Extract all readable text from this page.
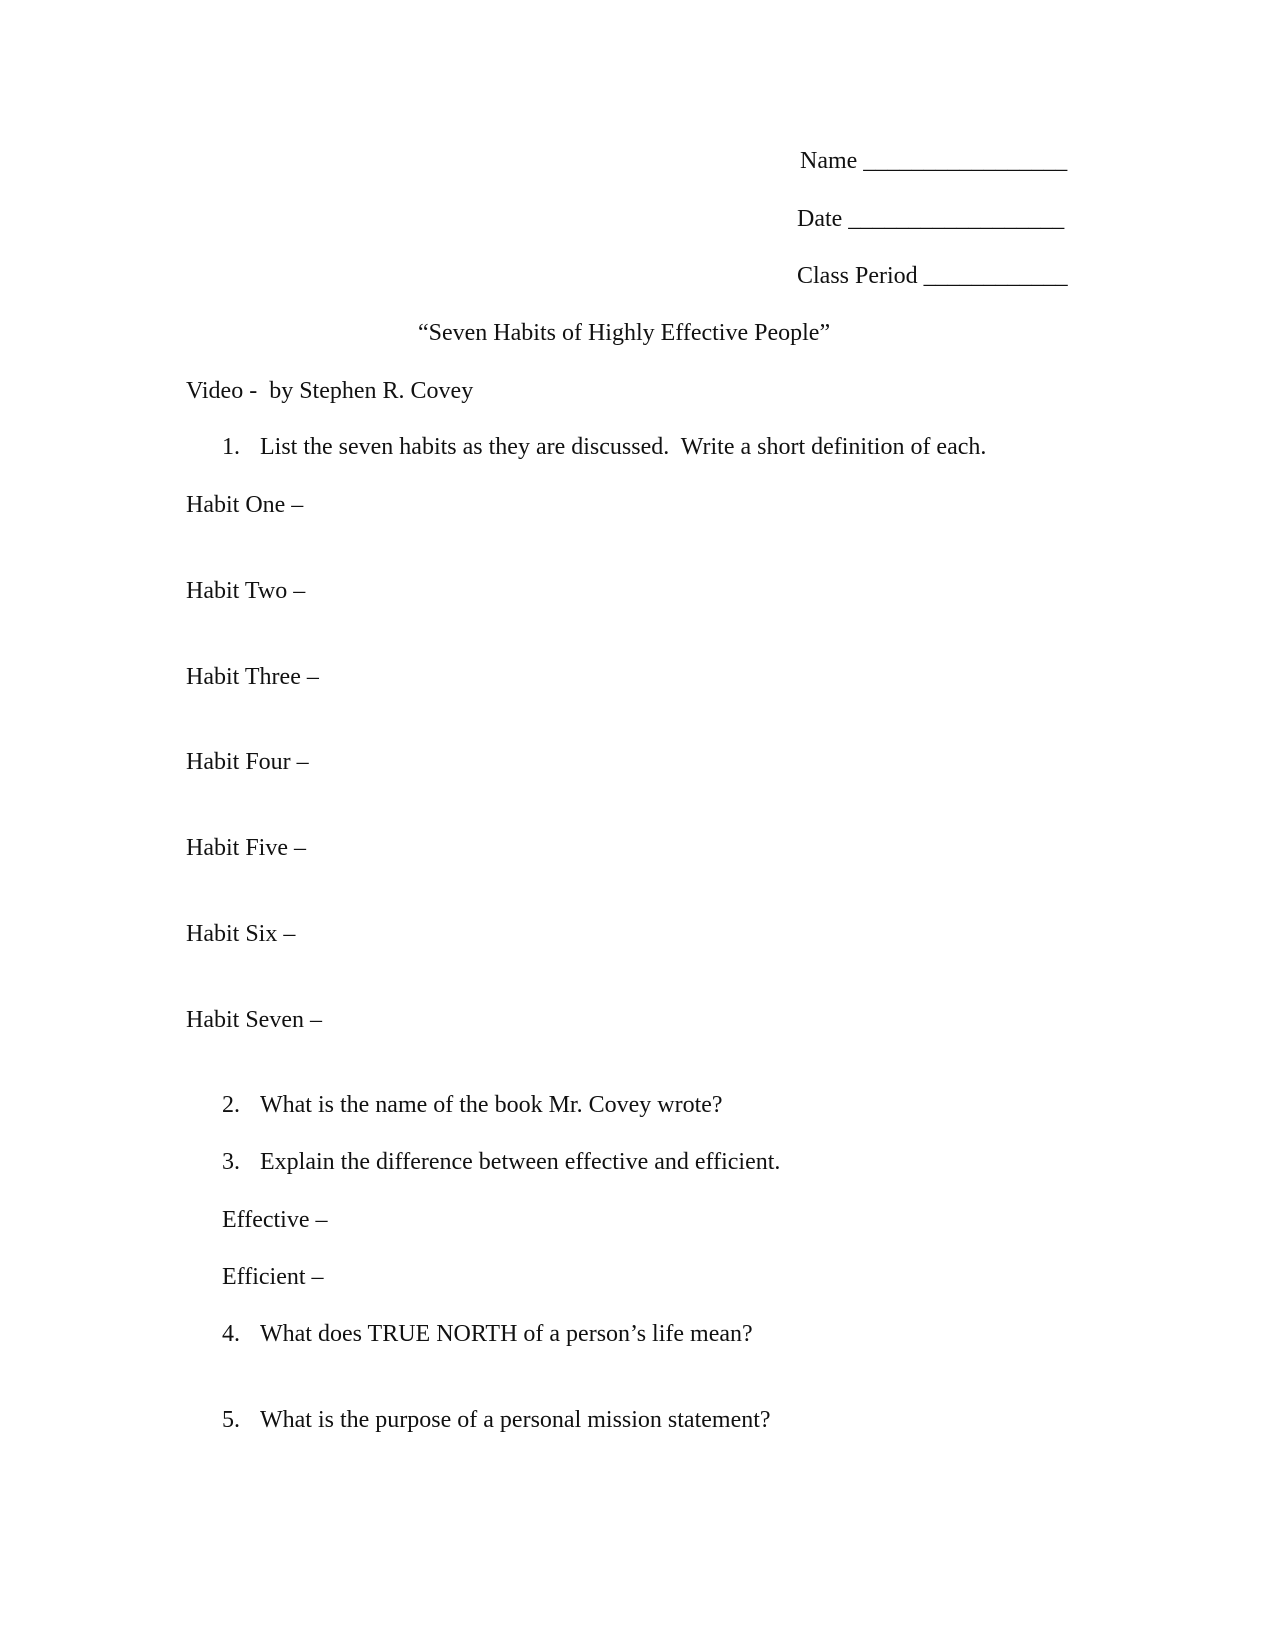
Name _________________
Date __________________
Class Period ____________
“Seven Habits of Highly Effective People”
Video -  by Stephen R. Covey
1. List the seven habits as they are discussed.  Write a short definition of each.
Habit One –
Habit Two –
Habit Three –
Habit Four –
Habit Five –
Habit Six –
Habit Seven –
2. What is the name of the book Mr. Covey wrote?
3. Explain the difference between effective and efficient.
Effective –
Efficient –
4. What does TRUE NORTH of a person’s life mean?
5. What is the purpose of a personal mission statement?
